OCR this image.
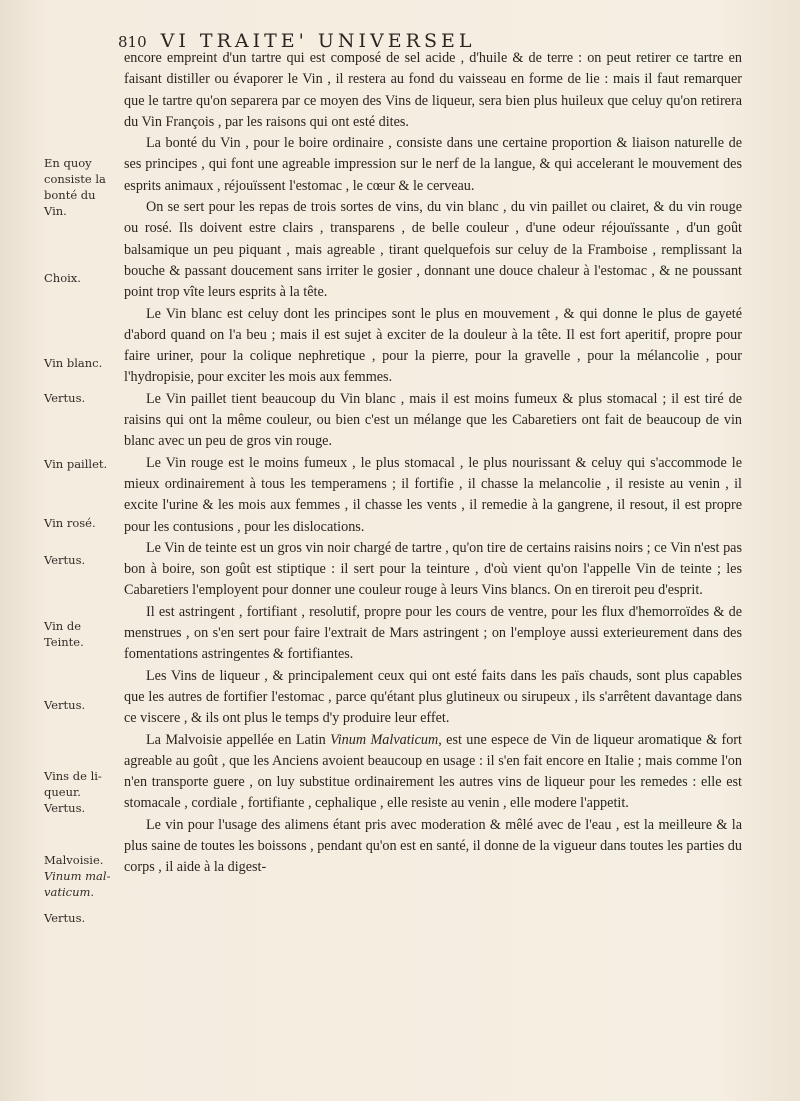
810 VI TRAITE' UNIVERSEL
En quoy
consiste la
bonté du
Vin.
Choix.
Vin blanc.
Vertus.
Vin paillet.
Vin rosé.
Vertus.
Vin de
Teinte.
Vertus.
Vins de li-
queur.
Vertus.
Malvoisie.
Vinum mal-
vaticum.
Vertus.

encore empreint d'un tartre qui est composé de sel acide , d'huile & de terre : on peut retirer ce tartre en faisant distiller ou évaporer le Vin , il restera au fond du vaisseau en forme de lie : mais il faut remarquer que le tartre qu'on separera par ce moyen des Vins de liqueur, sera bien plus huileux que celuy qu'on retirera du Vin François , par les raisons qui ont esté dites.

La bonté du Vin , pour le boire ordinaire , consiste dans une certaine proportion & liaison naturelle de ses principes , qui font une agreable impression sur le nerf de la langue, & qui accelerant le mouvement des esprits animaux , réjouïssent l'estomac , le cœur & le cerveau.

On se sert pour les repas de trois sortes de vins, du vin blanc , du vin paillet ou clairet, & du vin rouge ou rosé. Ils doivent estre clairs , transparens , de belle couleur , d'une odeur réjouïssante , d'un goût balsamique un peu piquant , mais agreable , tirant quelquefois sur celuy de la Framboise , remplissant la bouche & passant doucement sans irriter le gosier , donnant une douce chaleur à l'estomac , & ne poussant point trop vîte leurs esprits à la tête.

Le Vin blanc est celuy dont les principes sont le plus en mouvement , & qui donne le plus de gayeté d'abord quand on l'a beu ; mais il est sujet à exciter de la douleur à la tête. Il est fort aperitif, propre pour faire uriner, pour la colique nephretique , pour la pierre, pour la gravelle , pour la mélancolie , pour l'hydropisie, pour exciter les mois aux femmes.

Le Vin paillet tient beaucoup du Vin blanc , mais il est moins fumeux & plus stomacal ; il est tiré de raisins qui ont la même couleur, ou bien c'est un mélange que les Cabaretiers ont fait de beaucoup de vin blanc avec un peu de gros vin rouge.

Le Vin rouge est le moins fumeux , le plus stomacal , le plus nourissant & celuy qui s'accommode le mieux ordinairement à tous les temperamens ; il fortifie , il chasse la melancolie , il resiste au venin , il excite l'urine & les mois aux femmes , il chasse les vents , il remedie à la gangrene, il resout, il est propre pour les contusions , pour les dislocations.

Le Vin de teinte est un gros vin noir chargé de tartre , qu'on tire de certains raisins noirs ; ce Vin n'est pas bon à boire, son goût est stiptique : il sert pour la teinture , d'où vient qu'on l'appelle Vin de teinte ; les Cabaretiers l'employent pour donner une couleur rouge à leurs Vins blancs. On en tireroit peu d'esprit.

Il est astringent , fortifiant , resolutif, propre pour les cours de ventre, pour les flux d'hemorroïdes & de menstrues , on s'en sert pour faire l'extrait de Mars astringent ; on l'employe aussi exterieurement dans des fomentations astringentes & fortifiantes.

Les Vins de liqueur , & principalement ceux qui ont esté faits dans les païs chauds, sont plus capables que les autres de fortifier l'estomac , parce qu'étant plus glutineux ou sirupeux , ils s'arrêtent davantage dans ce viscere , & ils ont plus le temps d'y produire leur effet.

La Malvoisie appellée en Latin Vinum Malvaticum, est une espece de Vin de liqueur aromatique & fort agreable au goût , que les Anciens avoient beaucoup en usage : il s'en fait encore en Italie ; mais comme l'on n'en transporte guere , on luy substitue ordinairement les autres vins de liqueur pour les remedes : elle est stomacale , cordiale , fortifiante , cephalique , elle resiste au venin , elle modere l'appetit.

Le vin pour l'usage des alimens étant pris avec moderation & mêlé avec de l'eau , est la meilleure & la plus saine de toutes les boissons , pendant qu'on est en santé, il donne de la vigueur dans toutes les parties du corps , il aide à la digest-
